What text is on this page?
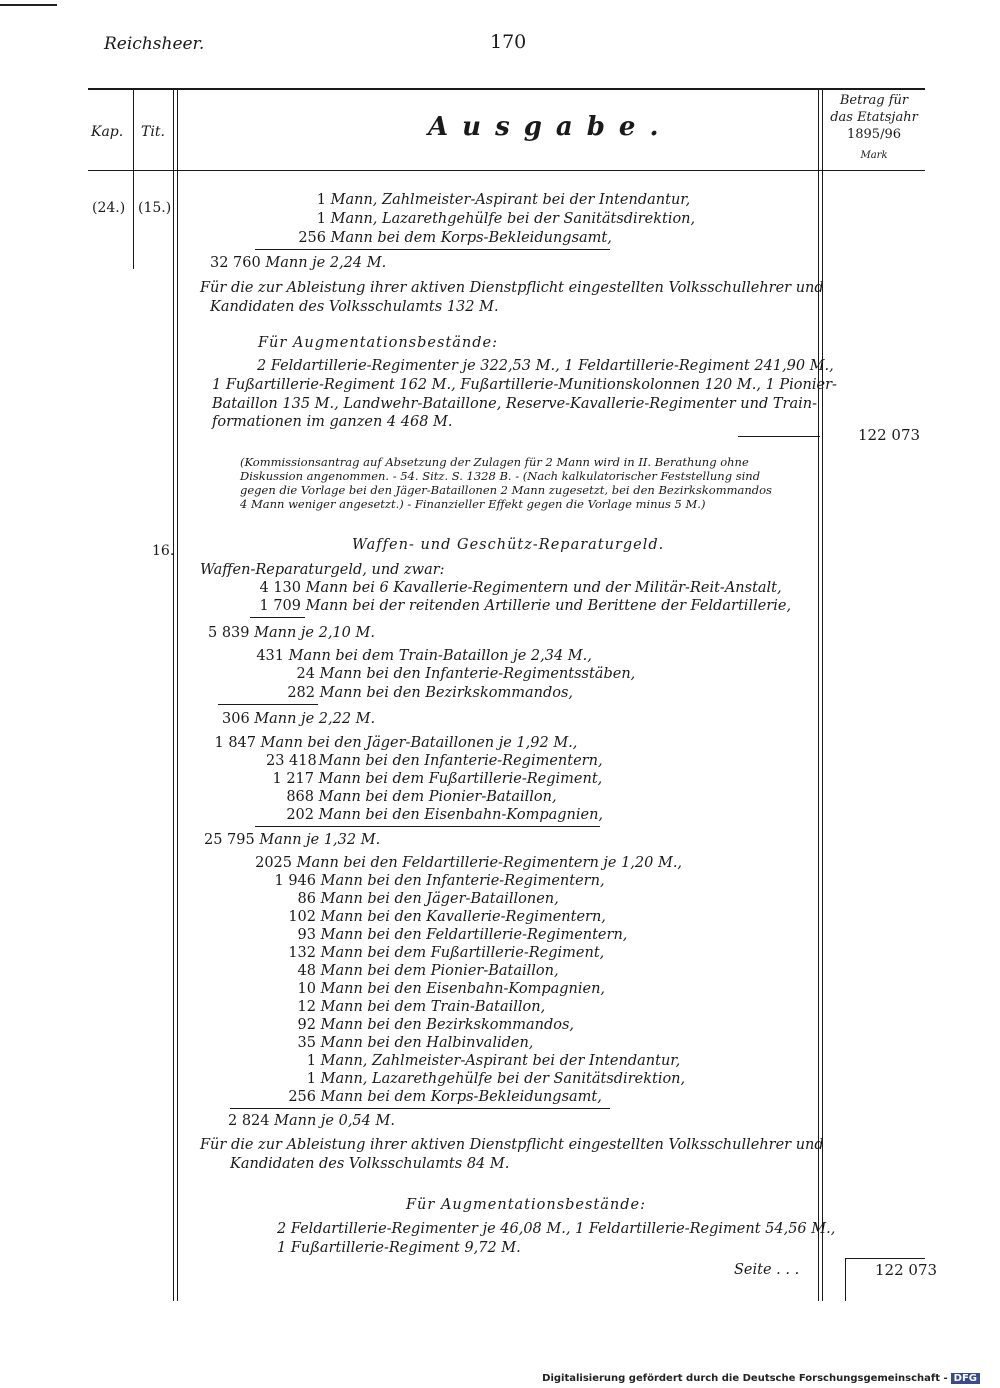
Reichsheer.	170
Kap. Tit.	Ausgabe.
Betrag für
das Etatsjahr
1895/96
Mark
(24.) (15.)
16.
1 Mann, Zahlmeister-Aspirant bei der Intendantur,
1 Mann, Lazarethgehülfe bei der Sanitätsdirektion,
256 Mann bei dem Korps-Bekleidungsamt,
32 760 Mann je 2,24 M.
Für die zur Ableistung ihrer aktiven Dienstpflicht eingestellten Volksschullehrer und
Kandidaten des Volksschulamts 132 M.
Für Augmentationsbestände:
2 Feldartillerie-Regimenter je 322,53 M., 1 Feldartillerie-Regiment 241,90 M.,
1 Fußartillerie-Regiment 162 M., Fußartillerie-Munitionskolonnen 120 M., 1 Pionier-
Bataillon 135 M., Landwehr-Bataillone, Reserve-Kavallerie-Regimenter und Train-
formationen im ganzen 4 468 M.
122 073
(Kommissionsantrag auf Absetzung der Zulagen für 2 Mann wird in II. Berathung ohne
Diskussion angenommen. - 54. Sitz. S. 1328 B. - (Nach kalkulatorischer Feststellung sind
gegen die Vorlage bei den Jäger-Bataillonen 2 Mann zugesetzt, bei den Bezirkskommandos
4 Mann weniger angesetzt.) - Finanzieller Effekt gegen die Vorlage minus 5 M.)
Waffen- und Geschütz-Reparaturgeld.
Waffen-Reparaturgeld, und zwar:
4 130 Mann bei 6 Kavallerie-Regimentern und der Militär-Reit-Anstalt,
1 709 Mann bei der reitenden Artillerie und Berittene der Feldartillerie,
5 839 Mann je 2,10 M.
431 Mann bei dem Train-Bataillon je 2,34 M.,
24 Mann bei den Infanterie-Regimentsstäben,
282 Mann bei den Bezirkskommandos,
306 Mann je 2,22 M.
1 847 Mann bei den Jäger-Bataillonen je 1,92 M.,
23 418 Mann bei den Infanterie-Regimentern,
1 217 Mann bei dem Fußartillerie-Regiment,
868 Mann bei dem Pionier-Bataillon,
202 Mann bei den Eisenbahn-Kompagnien,
25 795 Mann je 1,32 M.
2025 Mann bei den Feldartillerie-Regimentern je 1,20 M.,
1 946 Mann bei den Infanterie-Regimentern,
86 Mann bei den Jäger-Bataillonen,
102 Mann bei den Kavallerie-Regimentern,
93 Mann bei den Feldartillerie-Regimentern,
132 Mann bei dem Fußartillerie-Regiment,
48 Mann bei dem Pionier-Bataillon,
10 Mann bei den Eisenbahn-Kompagnien,
12 Mann bei dem Train-Bataillon,
92 Mann bei den Bezirkskommandos,
35 Mann bei den Halbinvaliden,
1 Mann, Zahlmeister-Aspirant bei der Intendantur,
1 Mann, Lazarethgehülfe bei der Sanitätsdirektion,
256 Mann bei dem Korps-Bekleidungsamt,
2 824 Mann je 0,54 M.
Für die zur Ableistung ihrer aktiven Dienstpflicht eingestellten Volksschullehrer und
Kandidaten des Volksschulamts 84 M.
Für Augmentationsbestände:
2 Feldartillerie-Regimenter je 46,08 M., 1 Feldartillerie-Regiment 54,56 M.,
1 Fußartillerie-Regiment 9,72 M.
Seite . . .	122 073
Digitalisierung gefördert durch die Deutsche Forschungsgemeinschaft - DFG
